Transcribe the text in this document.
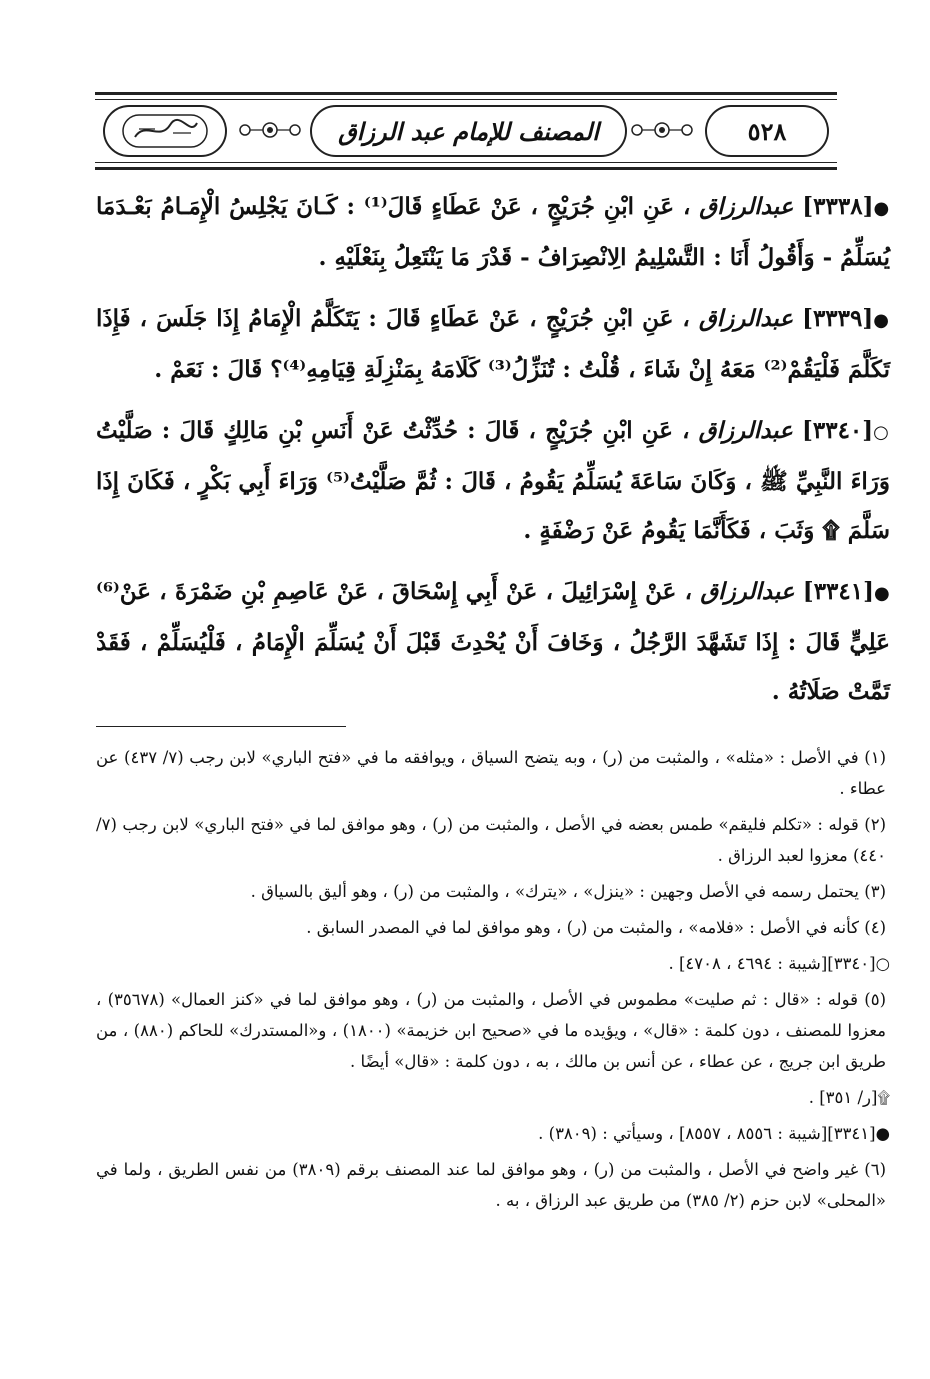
٥٢٨
المصنف للإمام عبد الرزاق

●[٣٣٣٨] عبدالرزاق ، عَنِ ابْنِ جُرَيْجٍ ، عَنْ عَطَاءٍ قَالَ⁽¹⁾ : كَـانَ يَجْلِسُ الْإِمَـامُ بَعْـدَمَا يُسَلِّمُ - وَأَقُولُ أَنَا : التَّسْلِيمُ الِانْصِرَافُ - قَدْرَ مَا يَنْتَعِلُ بِنَعْلَيْهِ .

●[٣٣٣٩] عبدالرزاق ، عَنِ ابْنِ جُرَيْجٍ ، عَنْ عَطَاءٍ قَالَ : يَتَكَلَّمُ الْإِمَامُ إِذَا جَلَسَ ، فَإِذَا تَكَلَّمَ فَلْيَقُمْ⁽²⁾ مَعَهُ إِنْ شَاءَ ، قُلْتُ : تُنَزِّلُ⁽³⁾ كَلَامَهُ بِمَنْزِلَةِ قِيَامِهِ⁽⁴⁾؟ قَالَ : نَعَمْ .

○[٣٣٤٠] عبدالرزاق ، عَنِ ابْنِ جُرَيْجٍ ، قَالَ : حُدِّثْتُ عَنْ أَنَسِ بْنِ مَالِكٍ قَالَ : صَلَّيْتُ وَرَاءَ النَّبِيِّ ﷺ ، وَكَانَ سَاعَةَ يُسَلِّمُ يَقُومُ ، قَالَ : ثُمَّ صَلَّيْتُ⁽⁵⁾ وَرَاءَ أَبِي بَكْرٍ ، فَكَانَ إِذَا سَلَّمَ ۩ وَثَبَ ، فَكَأَنَّمَا يَقُومُ عَنْ رَضْفَةٍ .

●[٣٣٤١] عبدالرزاق ، عَنْ إِسْرَائِيلَ ، عَنْ أَبِي إِسْحَاقَ ، عَنْ عَاصِمِ بْنِ ضَمْرَةَ ، عَنْ⁽⁶⁾ عَلِيٍّ قَالَ : إِذَا تَشَهَّدَ الرَّجُلُ ، وَخَافَ أَنْ يُحْدِثَ قَبْلَ أَنْ يُسَلِّمَ الْإِمَامُ ، فَلْيُسَلِّمْ ، فَقَدْ تَمَّتْ صَلَاتُهُ .

(١) في الأصل : «مثله» ، والمثبت من (ر) ، وبه يتضح السياق ، ويوافقه ما في «فتح الباري» لابن رجب (٧/ ٤٣٧) عن عطاء .

(٢) قوله : «تكلم فليقم» طمس بعضه في الأصل ، والمثبت من (ر) ، وهو موافق لما في «فتح الباري» لابن رجب (٧/ ٤٤٠) معزوا لعبد الرزاق .

(٣) يحتمل رسمه في الأصل وجهين : «ينزل» ، «يترك» ، والمثبت من (ر) ، وهو أليق بالسياق .

(٤) كأنه في الأصل : «فلامه» ، والمثبت من (ر) ، وهو موافق لما في المصدر السابق .

○[٣٣٤٠][شيبة : ٤٦٩٤ ، ٤٧٠٨] .

(٥) قوله : «قال : ثم صليت» مطموس في الأصل ، والمثبت من (ر) ، وهو موافق لما في «كنز العمال» (٣٥٦٧٨) ، معزوا للمصنف ، دون كلمة : «قال» ، ويؤيده ما في «صحيح ابن خزيمة» (١٨٠٠) ، و«المستدرك» للحاكم (٨٨٠) ، من طريق ابن جريج ، عن عطاء ، عن أنس بن مالك ، به ، دون كلمة : «قال» أيضًا .

۩[ر/ ٣٥١] .

●[٣٣٤١][شيبة : ٨٥٥٦ ، ٨٥٥٧] ، وسيأتي : (٣٨٠٩) .

(٦) غير واضح في الأصل ، والمثبت من (ر) ، وهو موافق لما عند المصنف برقم (٣٨٠٩) من نفس الطريق ، ولما في «المحلى» لابن حزم (٢/ ٣٨٥) من طريق عبد الرزاق ، به .
